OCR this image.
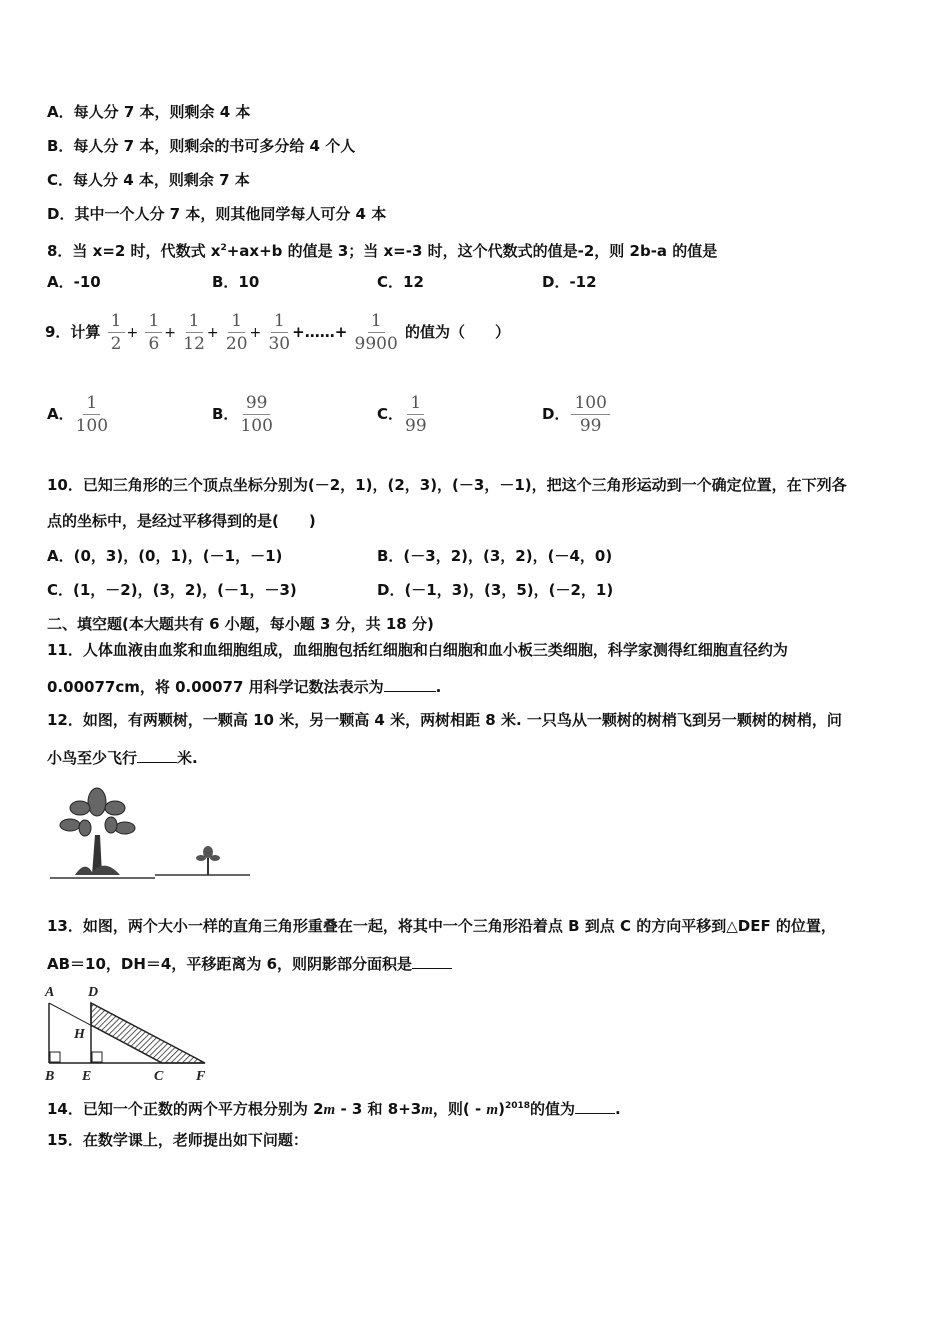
A．每人分 7 本，则剩余 4 本
B．每人分 7 本，则剩余的书可多分给 4 个人
C．每人分 4 本，则剩余 7 本
D．其中一个人分 7 本，则其他同学每人可分 4 本
8．当 x=2 时，代数式 $x^2+ax+b$ 的值是 3；当 x=-3 时，这个代数式的值是-2，则 2b-a 的值是
A．-10	B．10	C．12	D．-12
9．计算 $\frac{1}{2} + \frac{1}{6} + \frac{1}{12} + \frac{1}{20} + \frac{1}{30}$ +……+ $\frac{1}{9900}$ 的值为（　　）
A． $\frac{1}{100}$	B． $\frac{99}{100}$	C． $\frac{1}{99}$	D． $\frac{100}{99}$
10．已知三角形的三个顶点坐标分别为(－2，1)，(2，3)，(－3，－1)，把这个三角形运动到一个确定位置，在下列各
点的坐标中，是经过平移得到的是(　　)
A．(0，3)，(0，1)，(－1，－1)	B．(－3，2)，(3，2)，(－4，0)
C．(1，－2)，(3，2)，(－1，－3)	D．(－1，3)，(3，5)，(－2，1)
二、填空题(本大题共有 6 小题，每小题 3 分，共 18 分)
11．人体血液由血浆和血细胞组成，血细胞包括红细胞和白细胞和血小板三类细胞，科学家测得红细胞直径约为
0.00077cm，将 0.00077 用科学记数法表示为	.
12．如图，有两颗树，一颗高 10 米，另一颗高 4 米，两树相距 8 米. 一只鸟从一颗树的树梢飞到另一颗树的树梢，问
小鸟至少飞行	米.
13．如图，两个大小一样的直角三角形重叠在一起，将其中一个三角形沿着点 B 到点 C 的方向平移到△DEF 的位置，
AB＝10，DH＝4，平移距离为 6，则阴影部分面积是
A D
H
B E	C F
14．已知一个正数的两个平方根分别为 2m - 3 和 8+3m，则( - m)$^{2018}$的值为	.
15．在数学课上，老师提出如下问题：
